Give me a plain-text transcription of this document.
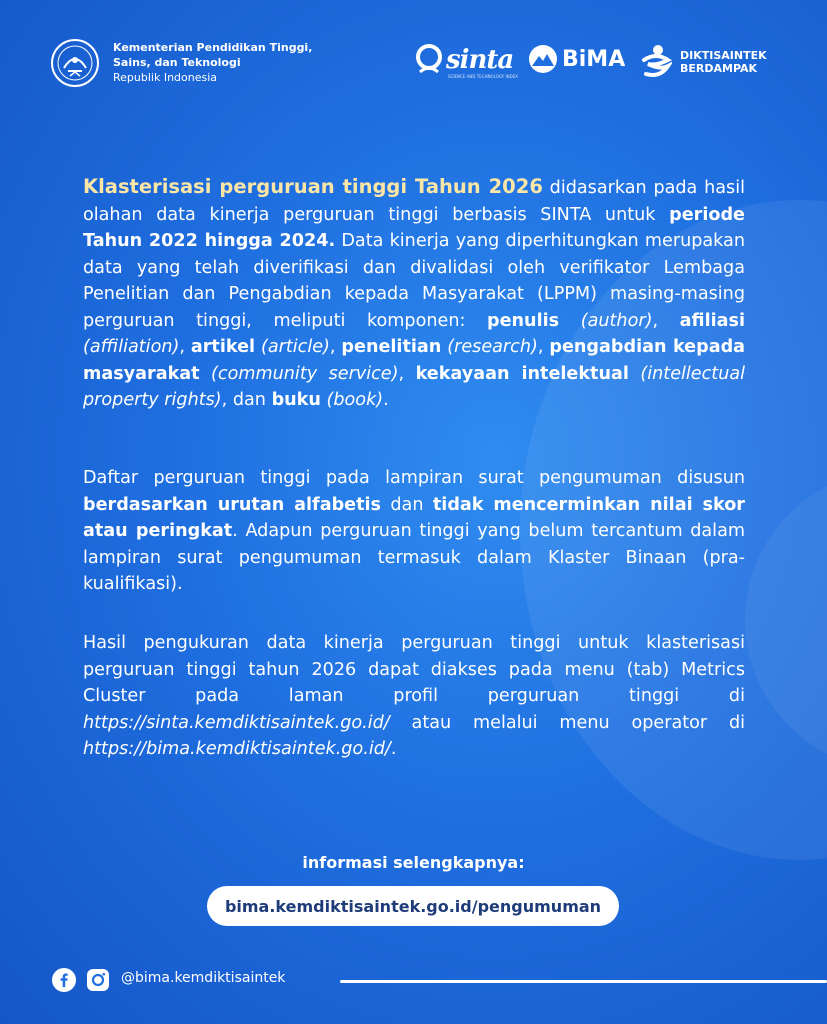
Kementerian Pendidikan Tinggi,
Sains, dan Teknologi
Republik Indonesia
sinta
SCIENCE AND TECHNOLOGY INDEX
BiMA	DIKTISAINTEK
BERDAMPAK
Klasterisasi perguruan tinggi Tahun 2026 didasarkan pada hasil olahan data kinerja perguruan tinggi berbasis SINTA untuk periode Tahun 2022 hingga 2024. Data kinerja yang diperhitungkan merupakan data yang telah diverifikasi dan divalidasi oleh verifikator Lembaga Penelitian dan Pengabdian kepada Masyarakat (LPPM) masing-masing perguruan tinggi, meliputi komponen: penulis (author), afiliasi (affiliation), artikel (article), penelitian (research), pengabdian kepada masyarakat (community service), kekayaan intelektual (intellectual property rights), dan buku (book).
Daftar perguruan tinggi pada lampiran surat pengumuman disusun berdasarkan urutan alfabetis dan tidak mencerminkan nilai skor atau peringkat. Adapun perguruan tinggi yang belum tercantum dalam lampiran surat pengumuman termasuk dalam Klaster Binaan (pra-kualifikasi).
Hasil pengukuran data kinerja perguruan tinggi untuk klasterisasi perguruan tinggi tahun 2026 dapat diakses pada menu (tab) Metrics Cluster pada laman profil perguruan tinggi di https://sinta.kemdiktisaintek.go.id/ atau melalui menu operator di https://bima.kemdiktisaintek.go.id/.
informasi selengkapnya:
bima.kemdiktisaintek.go.id/pengumuman
@bima.kemdiktisaintek
